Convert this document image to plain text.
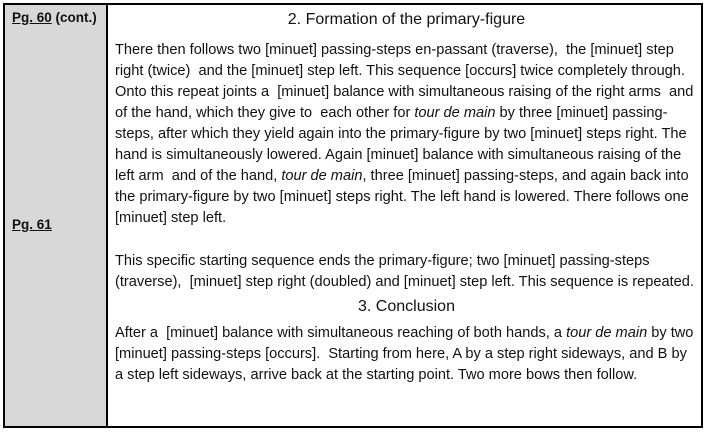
Pg. 60 (cont.)
Pg. 61
2. Formation of the primary-figure

There then follows two [minuet] passing-steps en-passant (traverse),  the [minuet] step right (twice)  and the [minuet] step left. This sequence [occurs] twice completely through. Onto this repeat joints a  [minuet] balance with simultaneous raising of the right arms  and of the hand, which they give to  each other for tour de main by three [minuet] passing-steps, after which they yield again into the primary-figure by two [minuet] steps right. The hand is simultaneously lowered. Again [minuet] balance with simultaneous raising of the left arm  and of the hand, tour de main, three [minuet] passing-steps, and again back into the primary-figure by two [minuet] steps right. The left hand is lowered. There follows one [minuet] step left.

This specific starting sequence ends the primary-figure; two [minuet] passing-steps (traverse),  [minuet] step right (doubled) and [minuet] step left. This sequence is repeated.

3. Conclusion

After a  [minuet] balance with simultaneous reaching of both hands, a tour de main by two [minuet] passing-steps [occurs].  Starting from here, A by a step right sideways, and B by a step left sideways, arrive back at the starting point. Two more bows then follow.
